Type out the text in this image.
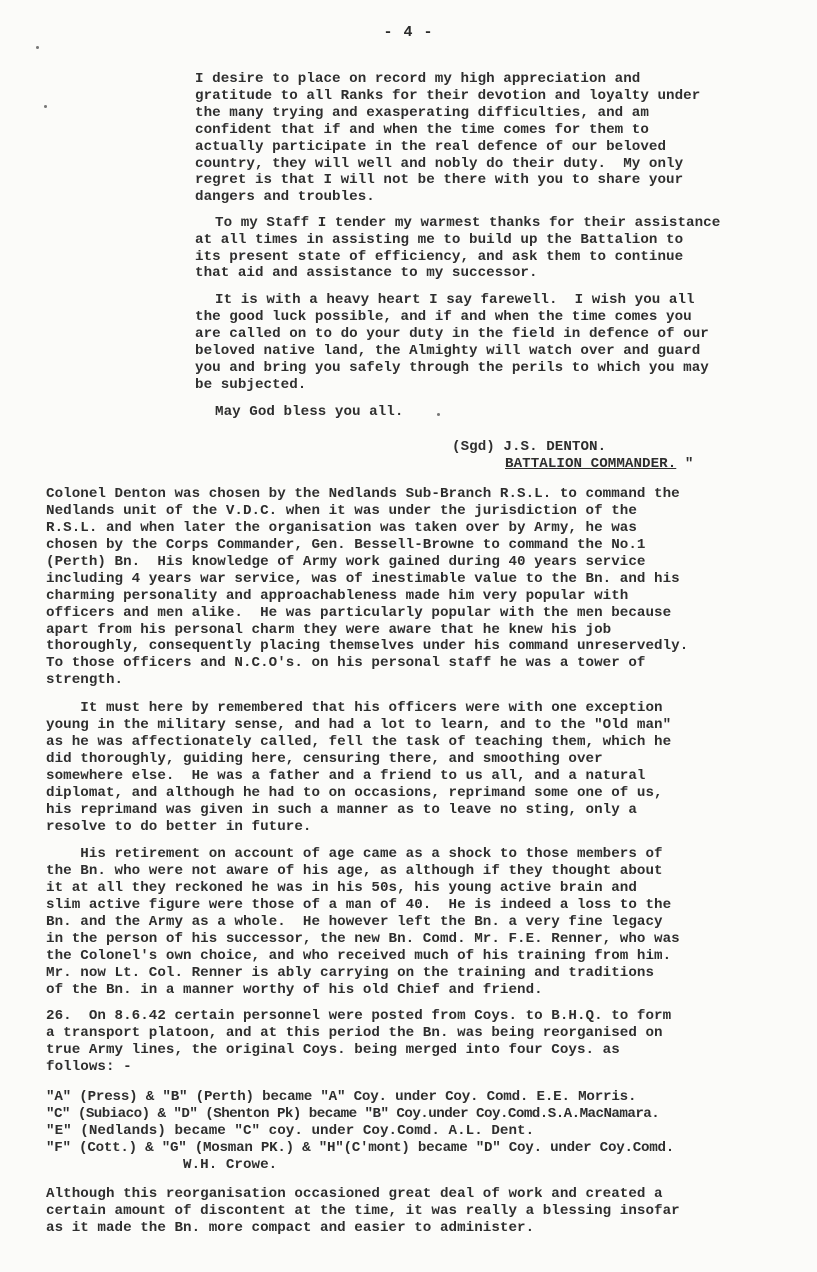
- 4 -
I desire to place on record my high appreciation and
gratitude to all Ranks for their devotion and loyalty under
the many trying and exasperating difficulties, and am
confident that if and when the time comes for them to
actually participate in the real defence of our beloved
country, they will well and nobly do their duty.  My only
regret is that I will not be there with you to share your
dangers and troubles.
To my Staff I tender my warmest thanks for their assistance
at all times in assisting me to build up the Battalion to
its present state of efficiency, and ask them to continue
that aid and assistance to my successor.
It is with a heavy heart I say farewell.  I wish you all
the good luck possible, and if and when the time comes you
are called on to do your duty in the field in defence of our
beloved native land, the Almighty will watch over and guard
you and bring you safely through the perils to which you may
be subjected.
May God bless you all.
(Sgd) J.S. DENTON.
BATTALION COMMANDER. "
Colonel Denton was chosen by the Nedlands Sub-Branch R.S.L. to command the
Nedlands unit of the V.D.C. when it was under the jurisdiction of the
R.S.L. and when later the organisation was taken over by Army, he was
chosen by the Corps Commander, Gen. Bessell-Browne to command the No.1
(Perth) Bn.  His knowledge of Army work gained during 40 years service
including 4 years war service, was of inestimable value to the Bn. and his
charming personality and approachableness made him very popular with
officers and men alike.  He was particularly popular with the men because
apart from his personal charm they were aware that he knew his job
thoroughly, consequently placing themselves under his command unreservedly.
To those officers and N.C.O's. on his personal staff he was a tower of
strength.
It must here by remembered that his officers were with one exception
young in the military sense, and had a lot to learn, and to the "Old man"
as he was affectionately called, fell the task of teaching them, which he
did thoroughly, guiding here, censuring there, and smoothing over
somewhere else.  He was a father and a friend to us all, and a natural
diplomat, and although he had to on occasions, reprimand some one of us,
his reprimand was given in such a manner as to leave no sting, only a
resolve to do better in future.
His retirement on account of age came as a shock to those members of
the Bn. who were not aware of his age, as although if they thought about
it at all they reckoned he was in his 50s, his young active brain and
slim active figure were those of a man of 40.  He is indeed a loss to the
Bn. and the Army as a whole.  He however left the Bn. a very fine legacy
in the person of his successor, the new Bn. Comd. Mr. F.E. Renner, who was
the Colonel's own choice, and who received much of his training from him.
Mr. now Lt. Col. Renner is ably carrying on the training and traditions
of the Bn. in a manner worthy of his old Chief and friend.
26.  On 8.6.42 certain personnel were posted from Coys. to B.H.Q. to form
a transport platoon, and at this period the Bn. was being reorganised on
true Army lines, the original Coys. being merged into four Coys. as
follows: -
"A" (Press) & "B" (Perth) became "A" Coy. under Coy. Comd. E.E. Morris.
"C" (Subiaco) & "D" (Shenton Pk) became "B" Coy.under Coy.Comd.S.A.MacNamara.
"E" (Nedlands) became "C" coy. under Coy.Comd. A.L. Dent.
"F" (Cott.) & "G" (Mosman PK.) & "H"(C'mont) became "D" Coy. under Coy.Comd.
W.H. Crowe.
Although this reorganisation occasioned great deal of work and created a
certain amount of discontent at the time, it was really a blessing insofar
as it made the Bn. more compact and easier to administer.
